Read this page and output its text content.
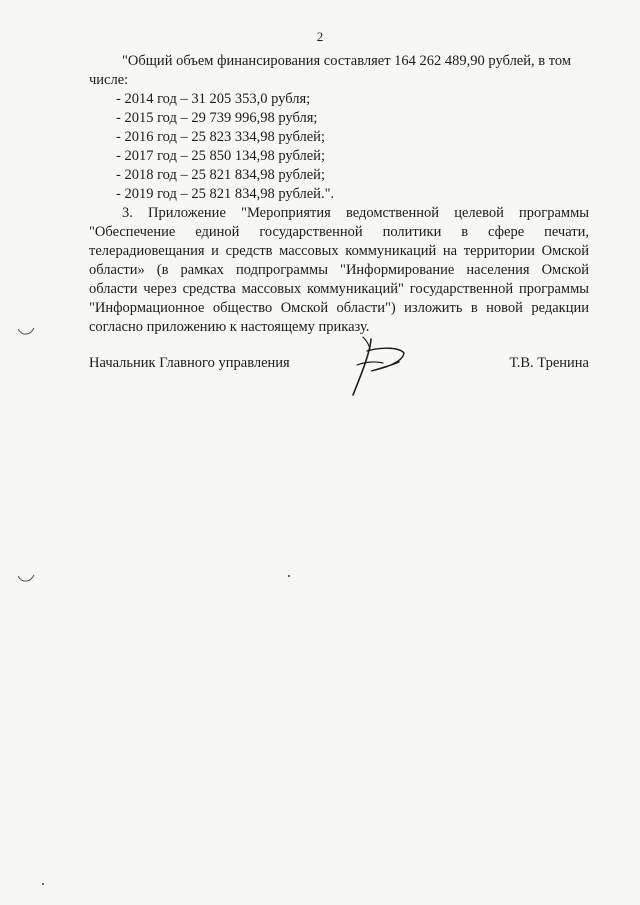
2

"Общий объем финансирования составляет 164 262 489,90 рублей, в том числе:

- 2014 год – 31 205 353,0 рубля;
- 2015 год – 29 739 996,98 рубля;
- 2016 год – 25 823 334,98 рублей;
- 2017 год – 25 850 134,98 рублей;
- 2018 год – 25 821 834,98 рублей;
- 2019 год – 25 821 834,98 рублей.".

3. Приложение "Мероприятия ведомственной целевой программы "Обеспечение единой государственной политики в сфере печати, телерадиовещания и средств массовых коммуникаций на территории Омской области» (в рамках подпрограммы "Информирование населения Омской области через средства массовых коммуникаций" государственной программы "Информационное общество Омской области") изложить в новой редакции согласно приложению к настоящему приказу.

Начальник Главного управления	Т.В. Тренина
